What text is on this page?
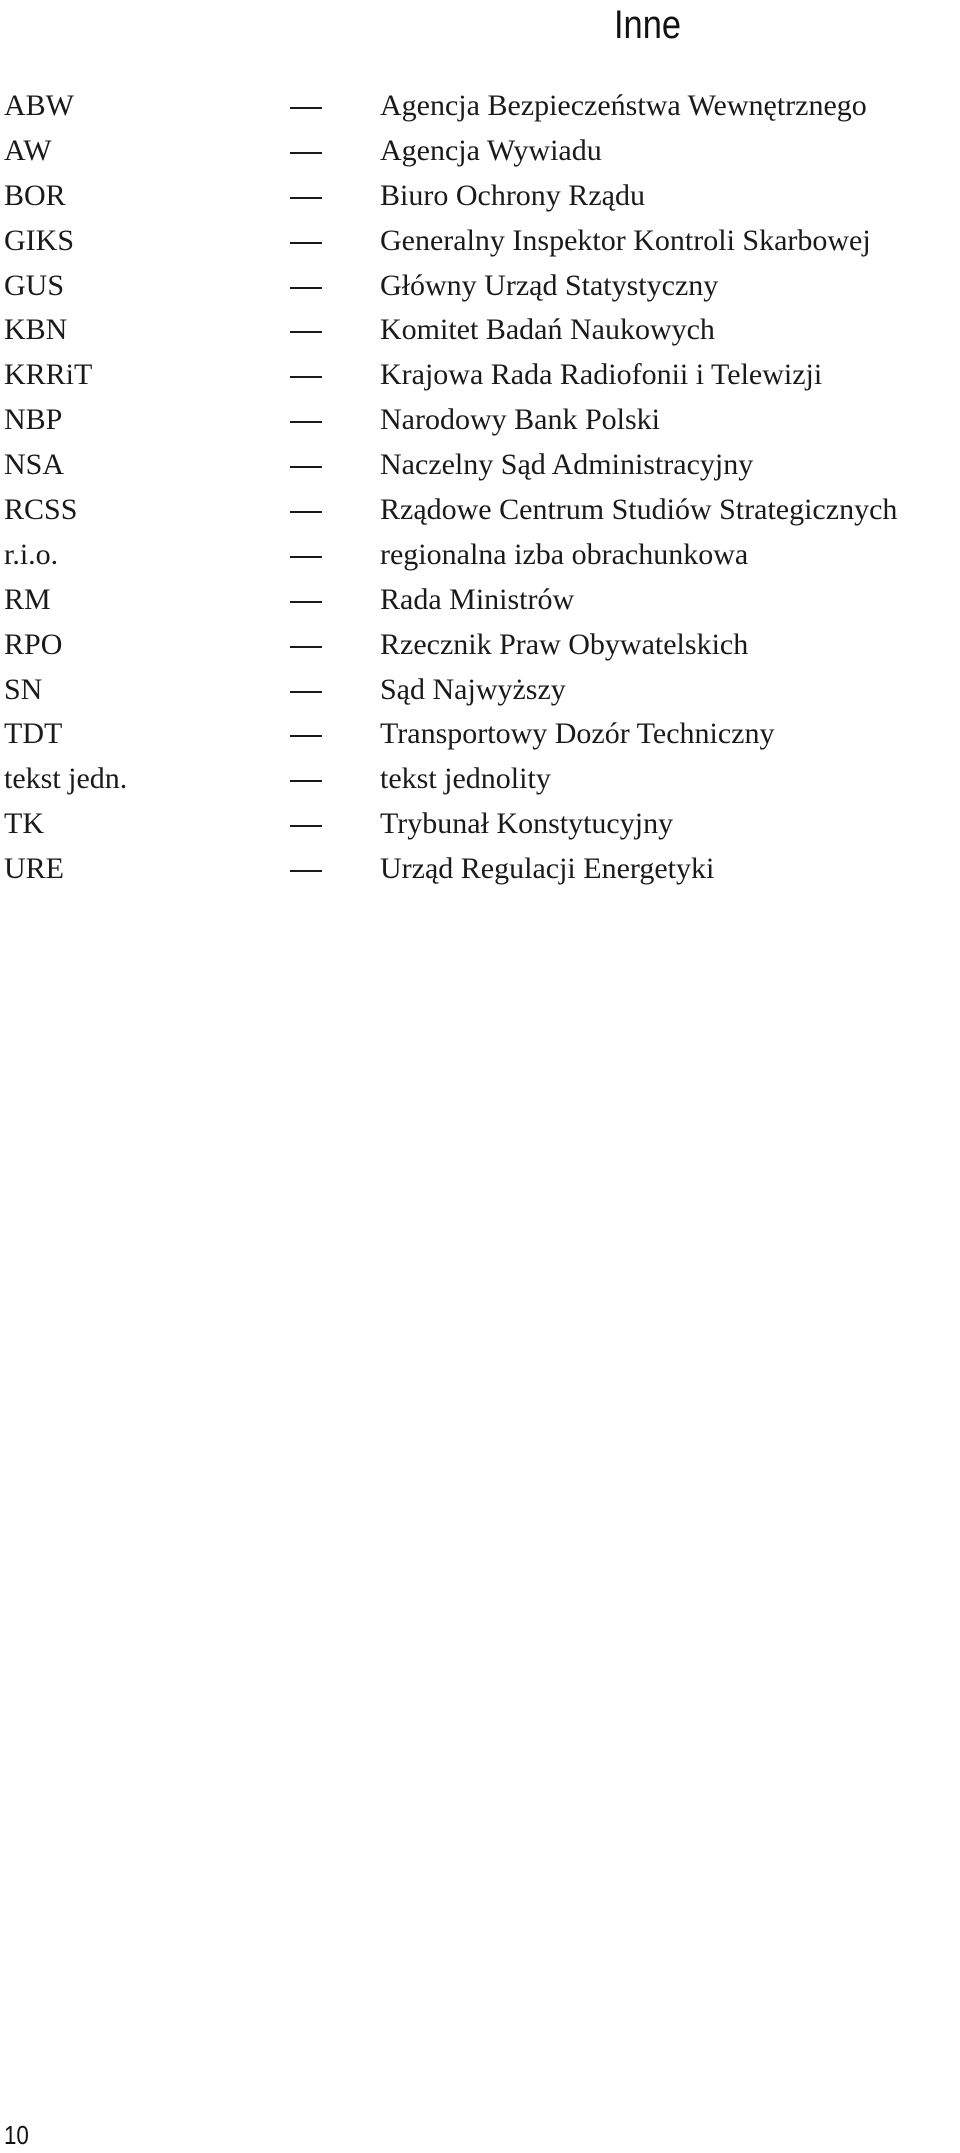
Inne
ABW	Agencja Bezpieczeństwa Wewnętrznego
AW	Agencja Wywiadu
BOR	Biuro Ochrony Rządu
GIKS	Generalny Inspektor Kontroli Skarbowej
GUS	Główny Urząd Statystyczny
KBN	Komitet Badań Naukowych
KRRiT	Krajowa Rada Radiofonii i Telewizji
NBP	Narodowy Bank Polski
NSA	Naczelny Sąd Administracyjny
RCSS	Rządowe Centrum Studiów Strategicznych
r.i.o.	regionalna izba obrachunkowa
RM	Rada Ministrów
RPO	Rzecznik Praw Obywatelskich
SN	Sąd Najwyższy
TDT	Transportowy Dozór Techniczny
tekst jedn.	tekst jednolity
TK	Trybunał Konstytucyjny
URE	Urząd Regulacji Energetyki
10
